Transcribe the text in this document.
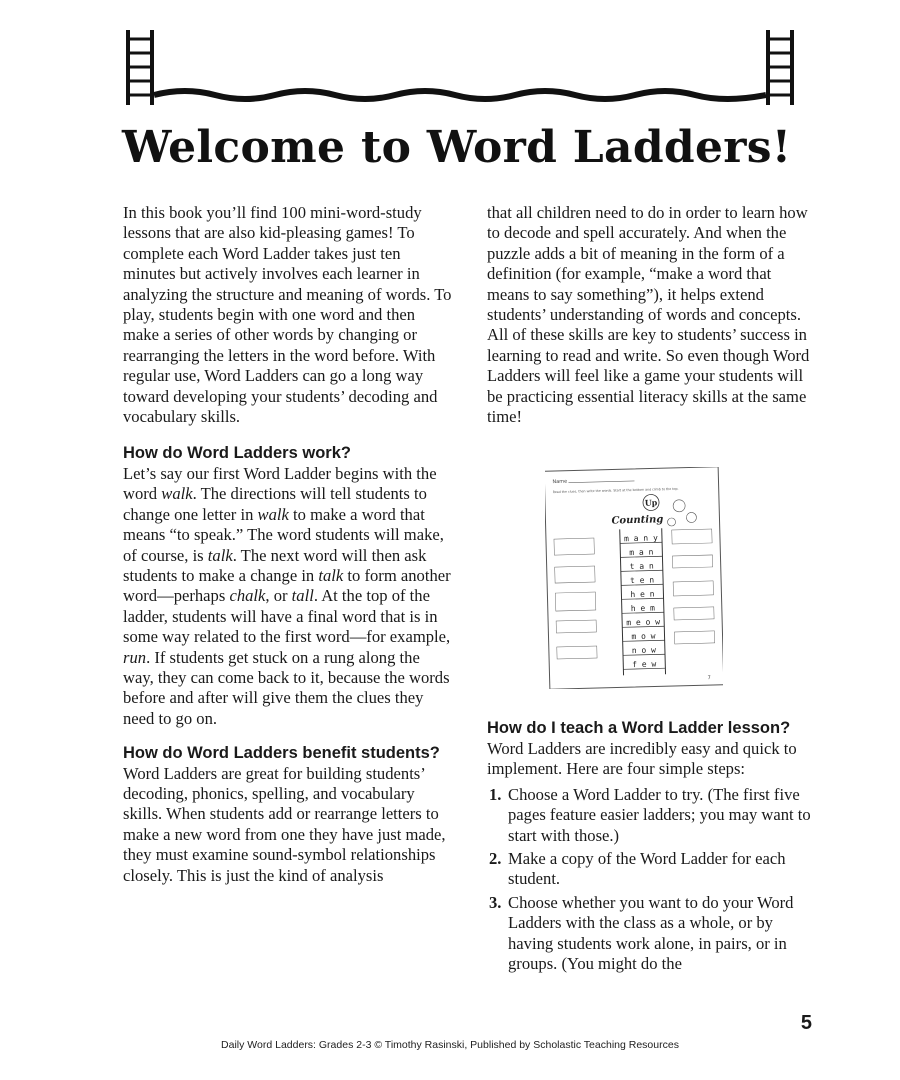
Welcome to Word Ladders!

In this book you’ll find 100 mini-word-study lessons that are also kid-pleasing games! To complete each Word Ladder takes just ten minutes but actively involves each learner in analyzing the structure and meaning of words. To play, students begin with one word and then make a series of other words by changing or rearranging the letters in the word before. With regular use, Word Ladders can go a long way toward developing your students’ decoding and vocabulary skills.

How do Word Ladders work?

Let’s say our first Word Ladder begins with the word walk. The directions will tell students to change one letter in walk to make a word that means “to speak.” The word students will make, of course, is talk. The next word will then ask students to make a change in talk to form another word—perhaps chalk, or tall. At the top of the ladder, students will have a final word that is in some way related to the first word—for example, run. If students get stuck on a rung along the way, they can come back to it, because the words before and after will give them the clues they need to go on.

How do Word Ladders benefit students?

Word Ladders are great for building students’ decoding, phonics, spelling, and vocabulary skills. When students add or rearrange letters to make a new word from one they have just made, they must examine sound-symbol relationships closely. This is just the kind of analysis

that all children need to do in order to learn how to decode and spell accurately. And when the puzzle adds a bit of meaning in the form of a definition (for example, “make a word that means to say something”), it helps extend students’ understanding of words and concepts. All of these skills are key to students’ success in learning to read and write. So even though Word Ladders will feel like a game your students will be practicing essential literacy skills at the same time!

Name
Read the clues, then write the words. Start at the bottom and climb to the top.
Up
Counting
m a n y
m a n
t a n
t e n
h e n
h e m
m e o w
m o w
n o w
f e w
7
How do I teach a Word Ladder lesson?

Word Ladders are incredibly easy and quick to implement. Here are four simple steps:

1. Choose a Word Ladder to try. (The first five pages feature easier ladders; you may want to start with those.)
2. Make a copy of the Word Ladder for each student.
3. Choose whether you want to do your Word Ladders with the class as a whole, or by having students work alone, in pairs, or in groups. (You might do the
5
Daily Word Ladders: Grades 2-3 © Timothy Rasinski, Published by Scholastic Teaching Resources
